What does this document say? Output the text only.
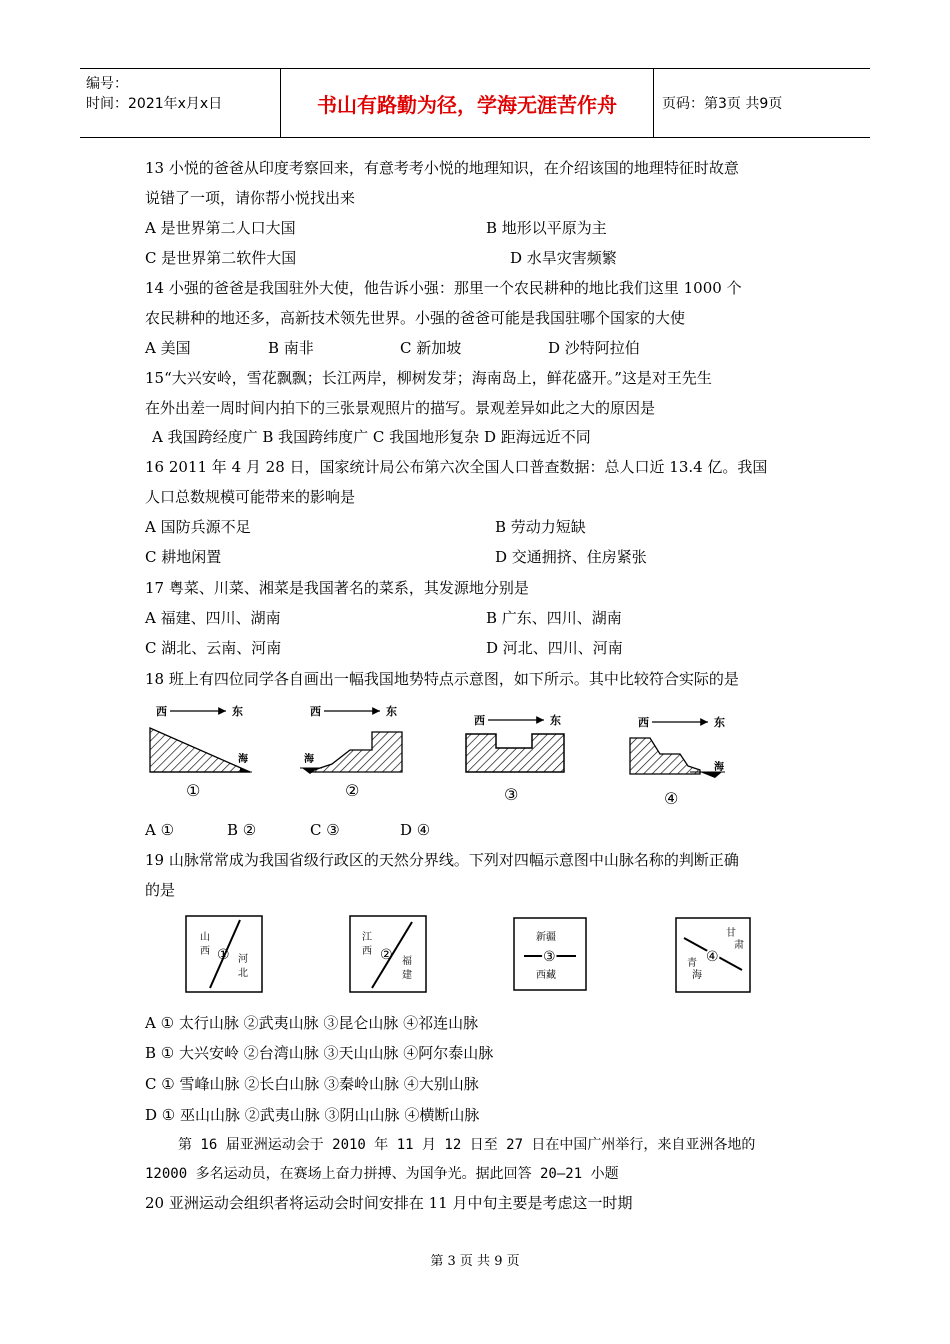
编号：
时间：2021年x月x日	书山有路勤为径，学海无涯苦作舟	页码：第3页 共9页
13 小悦的爸爸从印度考察回来，有意考考小悦的地理知识，在介绍该国的地理特征时故意
说错了一项，请你帮小悦找出来
A 是世界第二人口大国	B 地形以平原为主
C 是世界第二软件大国	D 水旱灾害频繁
14 小强的爸爸是我国驻外大使，他告诉小强：那里一个农民耕种的地比我们这里 1000 个
农民耕种的地还多，高新技术领先世界。小强的爸爸可能是我国驻哪个国家的大使
A 美国	B 南非	C 新加坡	D 沙特阿拉伯
15“大兴安岭，雪花飘飘；长江两岸，柳树发芽；海南岛上，鲜花盛开。”这是对王先生
在外出差一周时间内拍下的三张景观照片的描写。景观差异如此之大的原因是
A 我国跨经度广 B 我国跨纬度广 C 我国地形复杂 D 距海远近不同
16 2011 年 4 月 28 日，国家统计局公布第六次全国人口普查数据：总人口近 13.4 亿。我国
人口总数规模可能带来的影响是
A 国防兵源不足	B 劳动力短缺
C 耕地闲置	D 交通拥挤、住房紧张
17 粤菜、川菜、湘菜是我国著名的菜系，其发源地分别是
A 福建、四川、湖南	B 广东、四川、湖南
C 湖北、云南、河南	D 河北、四川、河南
18 班上有四位同学各自画出一幅我国地势特点示意图，如下所示。其中比较符合实际的是
西	东
海
①
西	东
海
②
西	东
③
西	东
海
④
A ①	B ②	C ③	D ④
19 山脉常常成为我国省级行政区的天然分界线。下列对四幅示意图中山脉名称的判断正确
的是
山
西 ① 河
北
江
西 ② 福
建
新疆
③
西藏
甘
肃
④
青
海
A ① 太行山脉 ②武夷山脉 ③昆仑山脉 ④祁连山脉
B ① 大兴安岭 ②台湾山脉 ③天山山脉 ④阿尔泰山脉
C ① 雪峰山脉 ②长白山脉 ③秦岭山脉 ④大别山脉
D ① 巫山山脉 ②武夷山脉 ③阴山山脉 ④横断山脉
第 16 届亚洲运动会于 2010 年 11 月 12 日至 27 日在中国广州举行，来自亚洲各地的
12000 多名运动员，在赛场上奋力拼搏、为国争光。据此回答 20—21 小题
20 亚洲运动会组织者将运动会时间安排在 11 月中旬主要是考虑这一时期
第 3 页 共 9 页
